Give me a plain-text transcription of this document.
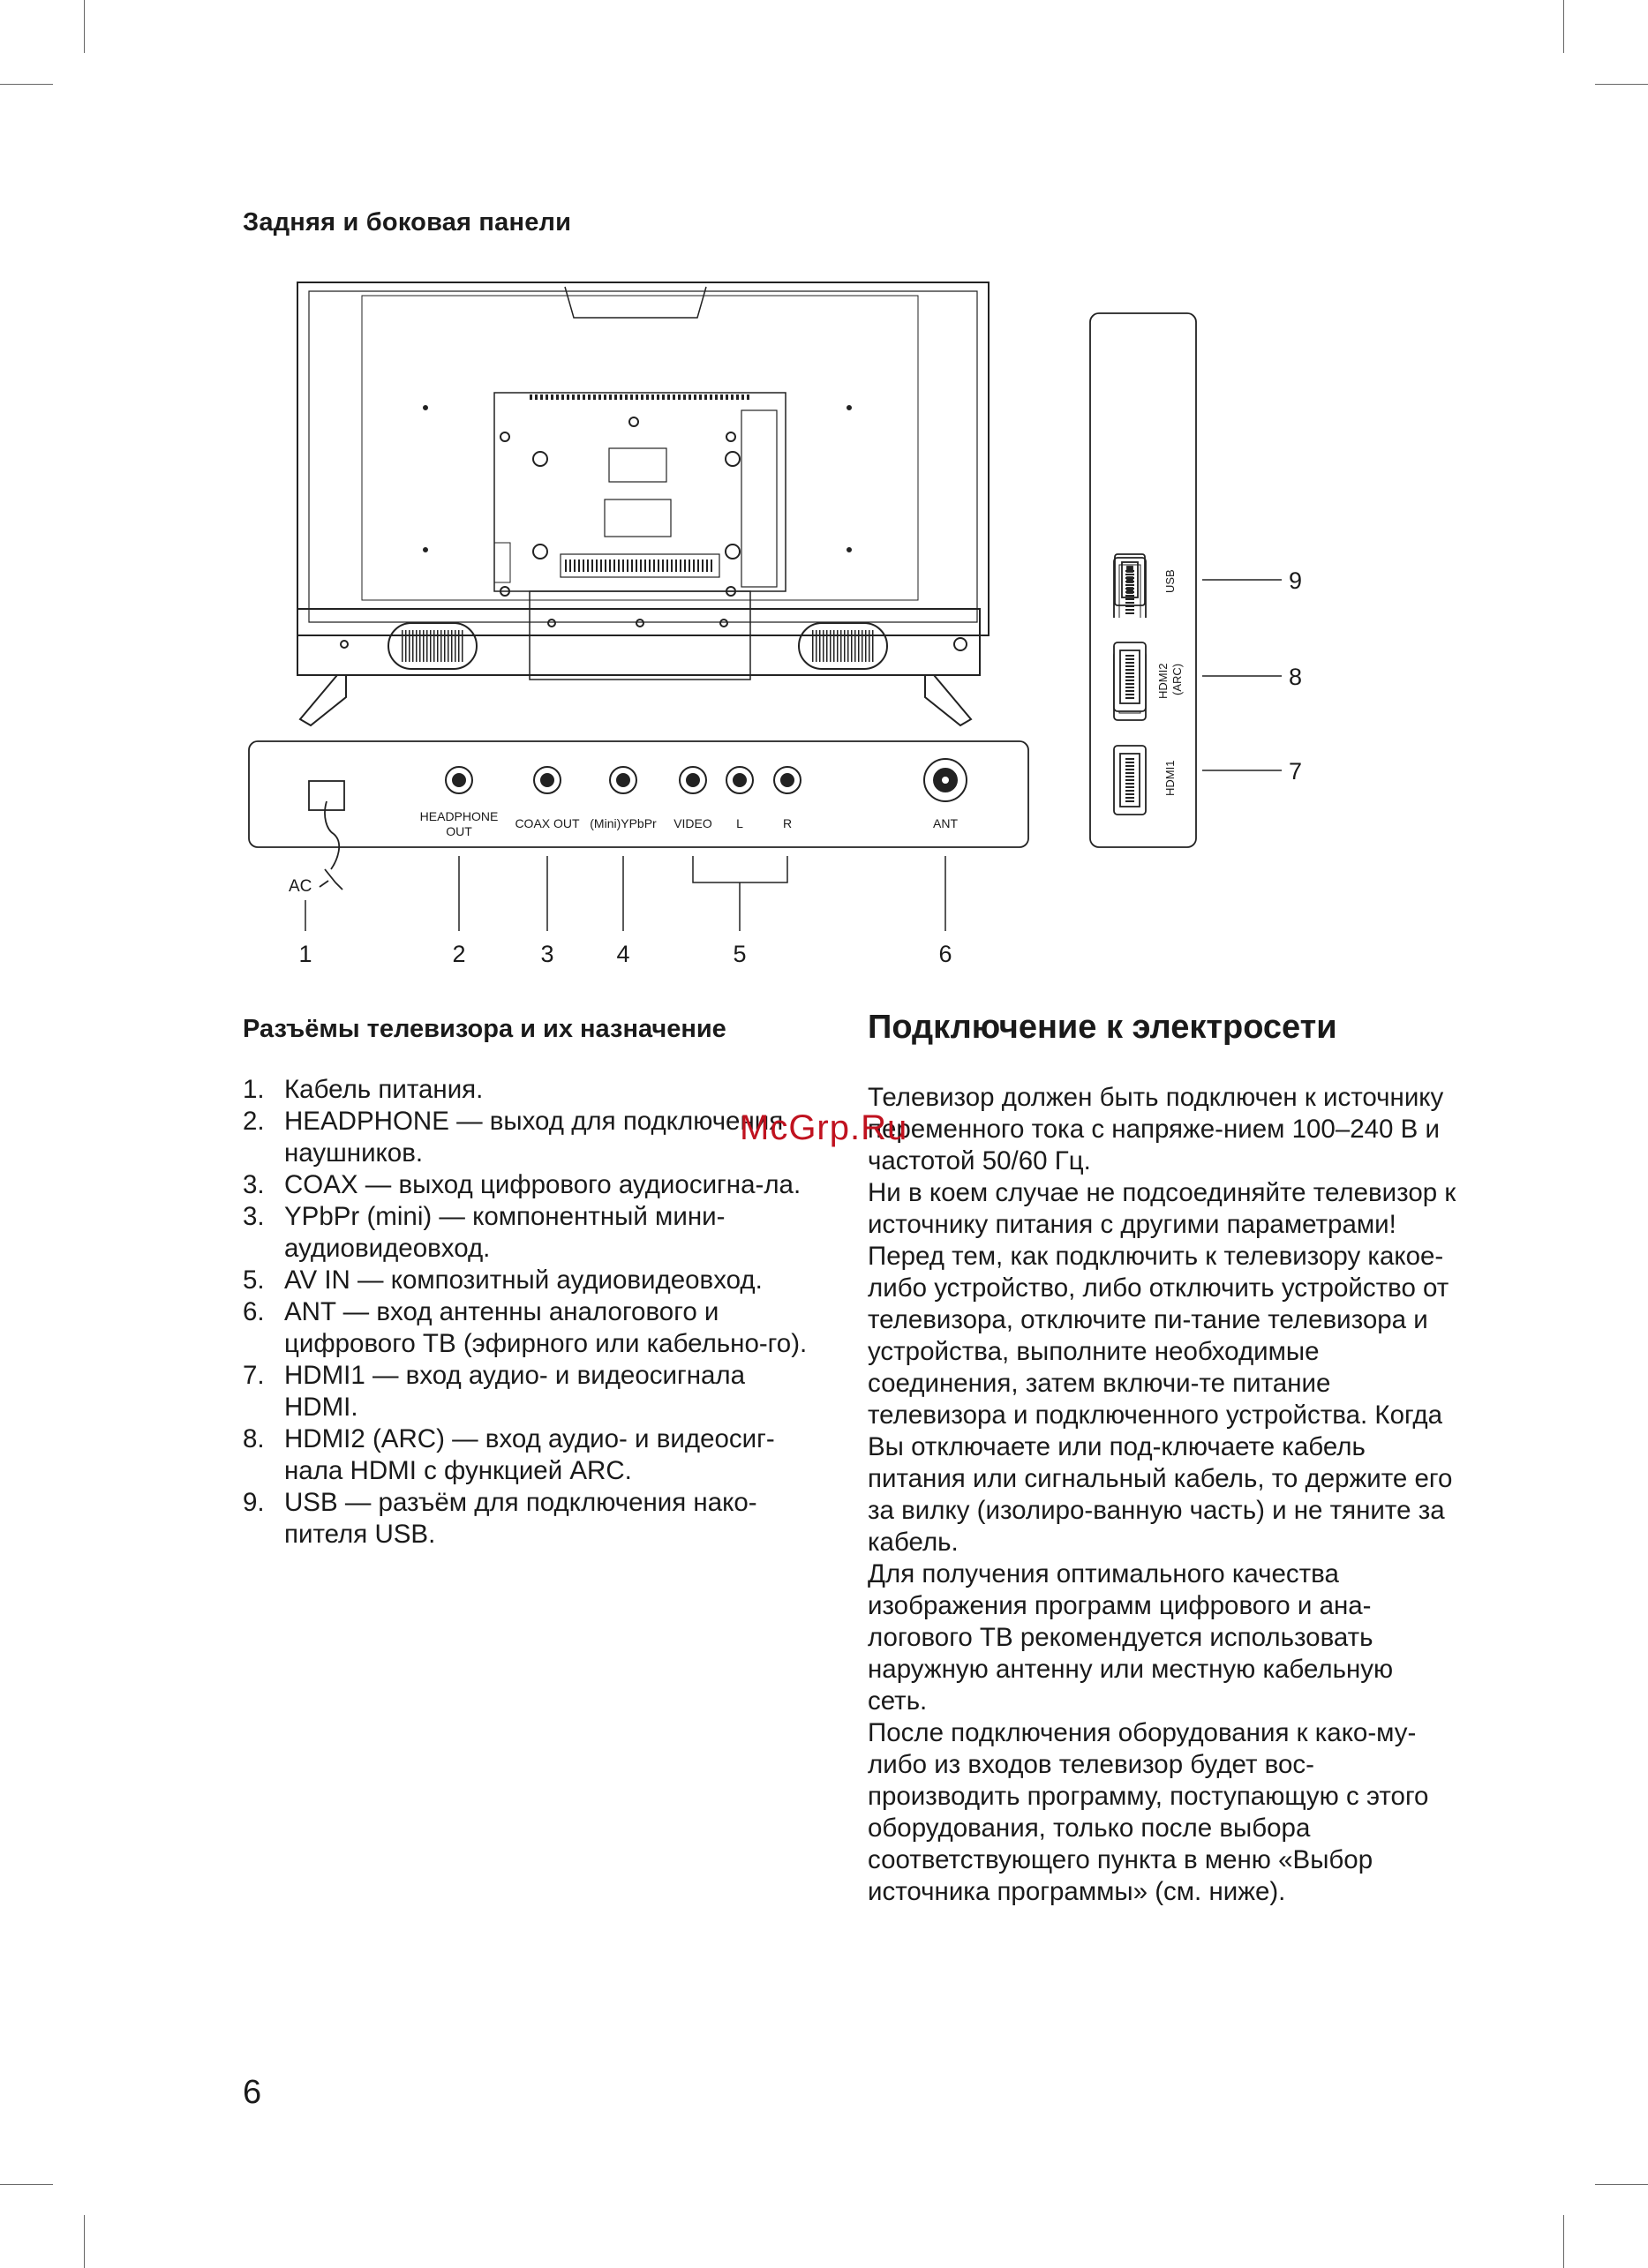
Задняя и боковая панели
USB
HDMI2 (ARC)
HDMI1
9
8
7
HEADPHONE
OUT
COAX OUT (Mini)YPbPr VIDEO L	R	ANT
AC
1	2	3	4	5	6
Разъёмы телевизора и их назначение
1. Кабель питания.
2. HEADPHONE — выход для подключения наушников.
3. COAX — выход цифрового аудиосигна-ла.
3. YPbPr (mini) — компонентный мини-аудиовидеовход.
5. AV IN — композитный аудиовидеовход.
6. ANT — вход антенны аналогового и цифрового ТВ (эфирного или кабельно-го).
7. HDMI1 — вход аудио- и видеосигнала HDMI.
8. HDMI2 (ARC) — вход аудио- и видеосиг-нала HDMI с функцией ARC.
9. USB — разъём для подключения нако-пителя USB.
Подключение к электросети

Телевизор должен быть подключен к источнику переменного тока с напряже-нием 100–240 В и частотой 50/60 Гц.

Ни в коем случае не подсоединяйте телевизор к источнику питания с другими параметрами!

Перед тем, как подключить к телевизору какое-либо устройство, либо отключить устройство от телевизора, отключите пи-тание телевизора и устройства, выполните необходимые соединения, затем включи-те питание телевизора и подключенного устройства. Когда Вы отключаете или под-ключаете кабель питания или сигнальный кабель, то держите его за вилку (изолиро-ванную часть) и не тяните за кабель.

Для получения оптимального качества изображения программ цифрового и ана-логового ТВ рекомендуется использовать наружную антенну или местную кабельную сеть.

После подключения оборудования к како-му-либо из входов телевизор будет вос-производить программу, поступающую с этого оборудования, только после выбора соответствующего пункта в меню «Выбор источника программы» (см. ниже).

McGrp.Ru
6
